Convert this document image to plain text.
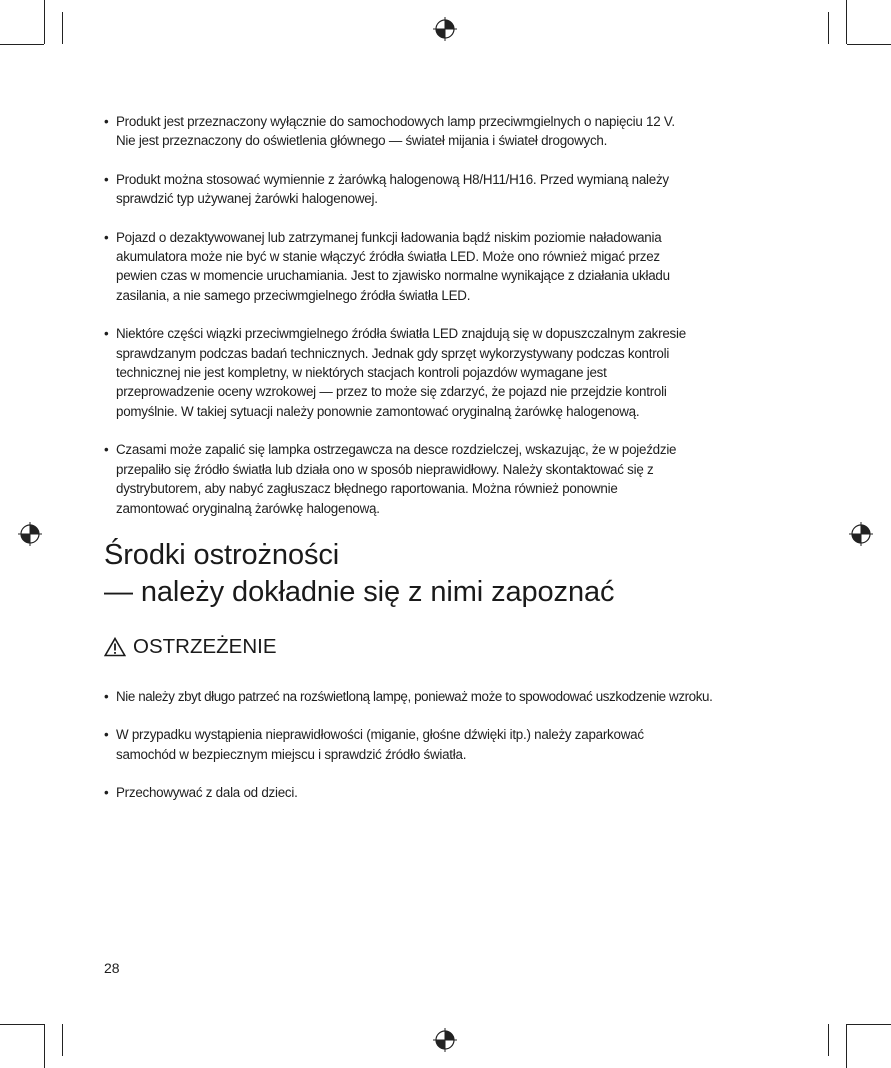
• Produkt jest przeznaczony wyłącznie do samochodowych lamp przeciwmgielnych o napięciu 12 V.
Nie jest przeznaczony do oświetlenia głównego — świateł mijania i świateł drogowych.

• Produkt można stosować wymiennie z żarówką halogenową H8/H11/H16. Przed wymianą należy
sprawdzić typ używanej żarówki halogenowej.

• Pojazd o dezaktywowanej lub zatrzymanej funkcji ładowania bądź niskim poziomie naładowania
akumulatora może nie być w stanie włączyć źródła światła LED. Może ono również migać przez
pewien czas w momencie uruchamiania. Jest to zjawisko normalne wynikające z działania układu
zasilania, a nie samego przeciwmgielnego źródła światła LED.

• Niektóre części wiązki przeciwmgielnego źródła światła LED znajdują się w dopuszczalnym zakresie
sprawdzanym podczas badań technicznych. Jednak gdy sprzęt wykorzystywany podczas kontroli
technicznej nie jest kompletny, w niektórych stacjach kontroli pojazdów wymagane jest
przeprowadzenie oceny wzrokowej — przez to może się zdarzyć, że pojazd nie przejdzie kontroli
pomyślnie. W takiej sytuacji należy ponownie zamontować oryginalną żarówkę halogenową.

• Czasami może zapalić się lampka ostrzegawcza na desce rozdzielczej, wskazując, że w pojeździe
przepaliło się źródło światła lub działa ono w sposób nieprawidłowy. Należy skontaktować się z
dystrybutorem, aby nabyć zagłuszacz błędnego raportowania. Można również ponownie
zamontować oryginalną żarówkę halogenową.

Środki ostrożności
— należy dokładnie się z nimi zapoznać
OSTRZEŻENIE

• Nie należy zbyt długo patrzeć na rozświetloną lampę, ponieważ może to spowodować uszkodzenie wzroku.

• W przypadku wystąpienia nieprawidłowości (miganie, głośne dźwięki itp.) należy zaparkować
samochód w bezpiecznym miejscu i sprawdzić źródło światła.

• Przechowywać z dala od dzieci.

28
